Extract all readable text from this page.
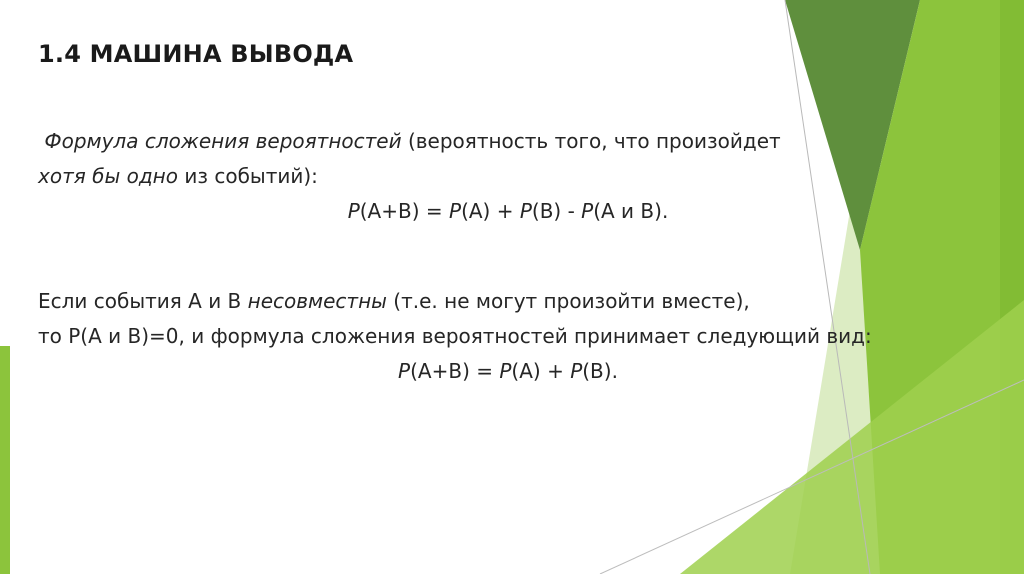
1.4 МАШИНА ВЫВОДА
Формула сложения вероятностей (вероятность того, что произойдет
хотя бы одно из событий):
P(A+B) = P(A) + P(B) - P(A и B).
Если события A и B несовместны (т.е. не могут произойти вместе),
то P(A и B)=0, и формула сложения вероятностей принимает следующий вид:
P(A+B) = P(A) + P(B).
